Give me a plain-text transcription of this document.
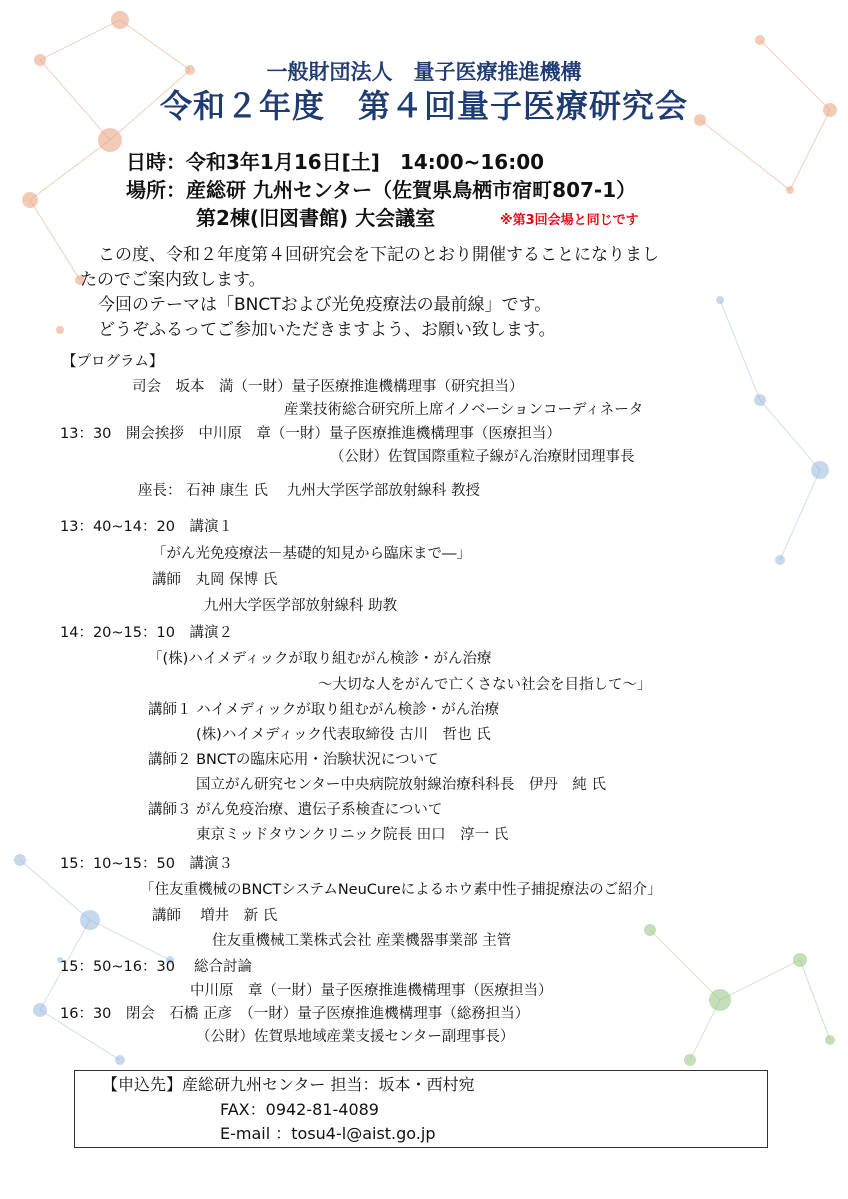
一般財団法人　量子医療推進機構
令和２年度　第４回量子医療研究会
日時：令和3年1月16日[土]　14:00~16:00
場所：産総研 九州センター（佐賀県鳥栖市宿町807-1）
第2棟(旧図書館) 大会議室	※第3回会場と同じです
この度、令和２年度第４回研究会を下記のとおり開催することになりまし
たのでご案内致します。
今回のテーマは「BNCTおよび光免疫療法の最前線」です。
どうぞふるってご参加いただきますよう、お願い致します。
【プログラム】
司会　坂本　満（一財）量子医療推進機構理事（研究担当）
産業技術総合研究所上席イノベーションコーディネータ
13：30　開会挨拶　中川原　章（一財）量子医療推進機構理事（医療担当）
（公財）佐賀国際重粒子線がん治療財団理事長
座長： 石神 康生 氏　 九州大学医学部放射線科 教授
13：40~14：20　講演１
「がん光免疫療法－基礎的知見から臨床まで―」
講師　丸岡 保博 氏
九州大学医学部放射線科 助教
14：20~15：10　講演２
「(株)ハイメディックが取り組むがん検診・がん治療
～大切な人をがんで亡くさない社会を目指して～」
講師１ ハイメディックが取り組むがん検診・がん治療
(株)ハイメディック代表取締役 古川　哲也 氏
講師２ BNCTの臨床応用・治験状況について
国立がん研究センター中央病院放射線治療科科長　伊丹　純 氏
講師３ がん免疫治療、遺伝子系検査について
東京ミッドタウンクリニック院長 田口　淳一 氏
15：10~15：50　講演３
「住友重機械のBNCTシステムNeuCureによるホウ素中性子捕捉療法のご紹介」
講師　 増井　新 氏
住友重機械工業株式会社 産業機器事業部 主管
15：50~16：30　 総合討論
中川原　章（一財）量子医療推進機構理事（医療担当）
16：30　閉会　石橋 正彦　（一財）量子医療推進機構理事（総務担当）
（公財）佐賀県地域産業支援センター副理事長）
【申込先】産総研九州センター 担当：坂本・西村宛
FAX：0942-81-4089
E-mail ：tosu4-l@aist.go.jp
